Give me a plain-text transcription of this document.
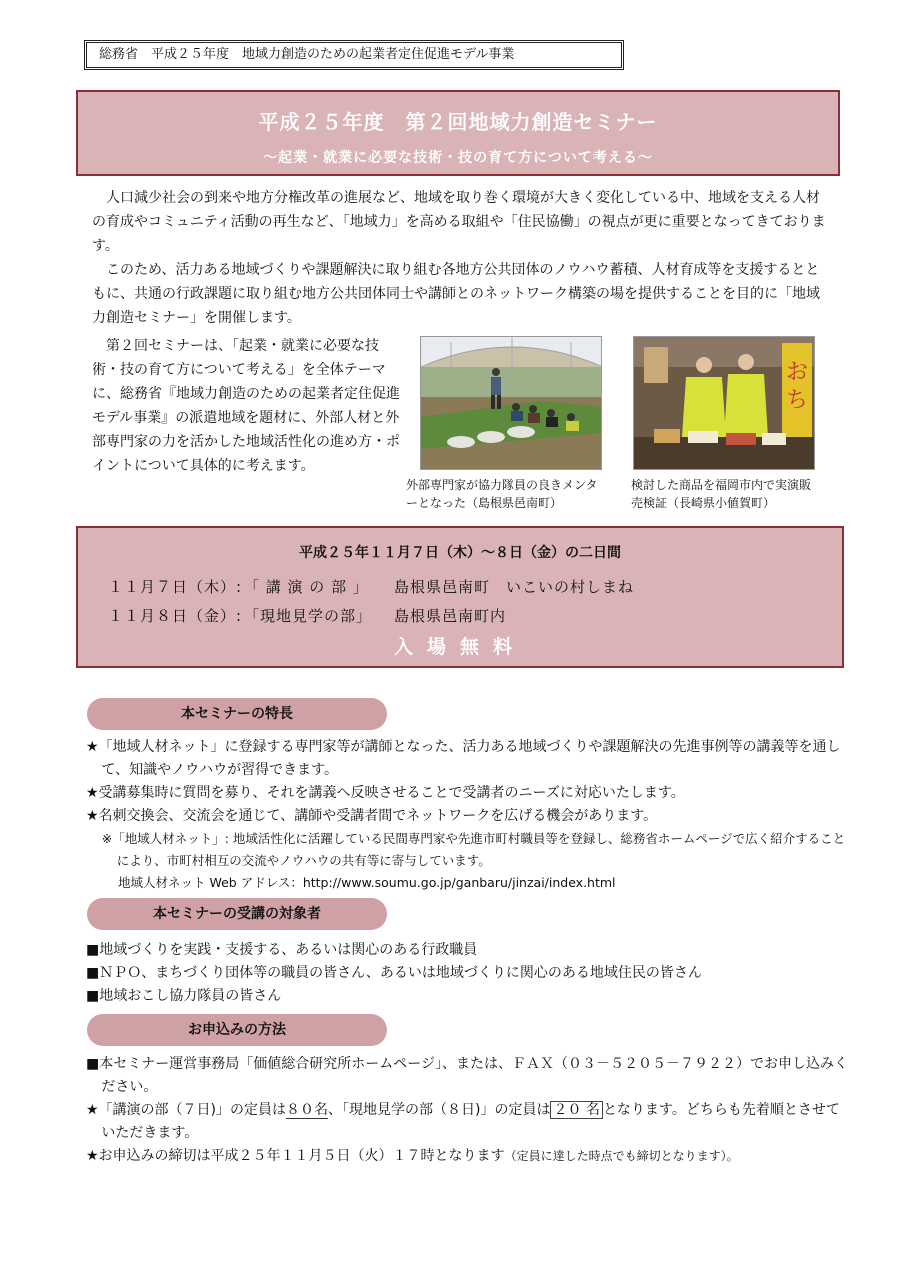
総務省　平成２５年度　地域力創造のための起業者定住促進モデル事業
平成２５年度　第２回地域力創造セミナー
～起業・就業に必要な技術・技の育て方について考える～

人口減少社会の到来や地方分権改革の進展など、地域を取り巻く環境が大きく変化している中、地域を支える人材の育成やコミュニティ活動の再生など、「地域力」を高める取組や「住民協働」の視点が更に重要となってきております。

このため、活力ある地域づくりや課題解決に取り組む各地方公共団体のノウハウ蓄積、人材育成等を支援するとともに、共通の行政課題に取り組む地方公共団体同士や講師とのネットワーク構築の場を提供することを目的に「地域力創造セミナー」を開催します。

第２回セミナーは、「起業・就業に必要な技術・技の育て方について考える」を全体テーマに、総務省『地域力創造のための起業者定住促進モデル事業』の派遣地域を題材に、外部人材と外部専門家の力を活かした地域活性化の進め方・ポイントについて具体的に考えます。

外部専門家が協力隊員の良きメンターとなった（島根県邑南町）
お
ち
検討した商品を福岡市内で実演販売検証（長崎県小値賀町）
平成２５年１１月７日（木）～８日（金）の二日間
１１月７日（木）: 「 講 演 の 部 」 島根県邑南町　いこいの村しまね
１１月８日（金）: 「現地見学の部」 島根県邑南町内
入場無料
本セミナーの特長

★「地域人材ネット」に登録する専門家等が講師となった、活力ある地域づくりや課題解決の先進事例等の講義等を通して、知識やノウハウが習得できます。

★受講募集時に質問を募り、それを講義へ反映させることで受講者のニーズに対応いたします。

★名刺交換会、交流会を通じて、講師や受講者間でネットワークを広げる機会があります。

※「地域人材ネット」: 地域活性化に活躍している民間専門家や先進市町村職員等を登録し、総務省ホームページで広く紹介することにより、市町村相互の交流やノウハウの共有等に寄与しています。

地域人材ネット Web アドレス：http://www.soumu.go.jp/ganbaru/jinzai/index.html
本セミナーの受講の対象者

■地域づくりを実践・支援する、あるいは関心のある行政職員

■ＮＰＯ、まちづくり団体等の職員の皆さん、あるいは地域づくりに関心のある地域住民の皆さん

■地域おこし協力隊員の皆さん

お申込みの方法

■本セミナー運営事務局「価値総合研究所ホームページ」、または、ＦＡＸ（０３－５２０５－７９２２）でお申し込みください。

★「講演の部（７日)」の定員は８０名、「現地見学の部（８日)」の定員は ２０ 名 となります。どちらも先着順とさせていただきます。

★お申込みの締切は平成２５年１１月５日（火）１７時となります（定員に達した時点でも締切となります）。
